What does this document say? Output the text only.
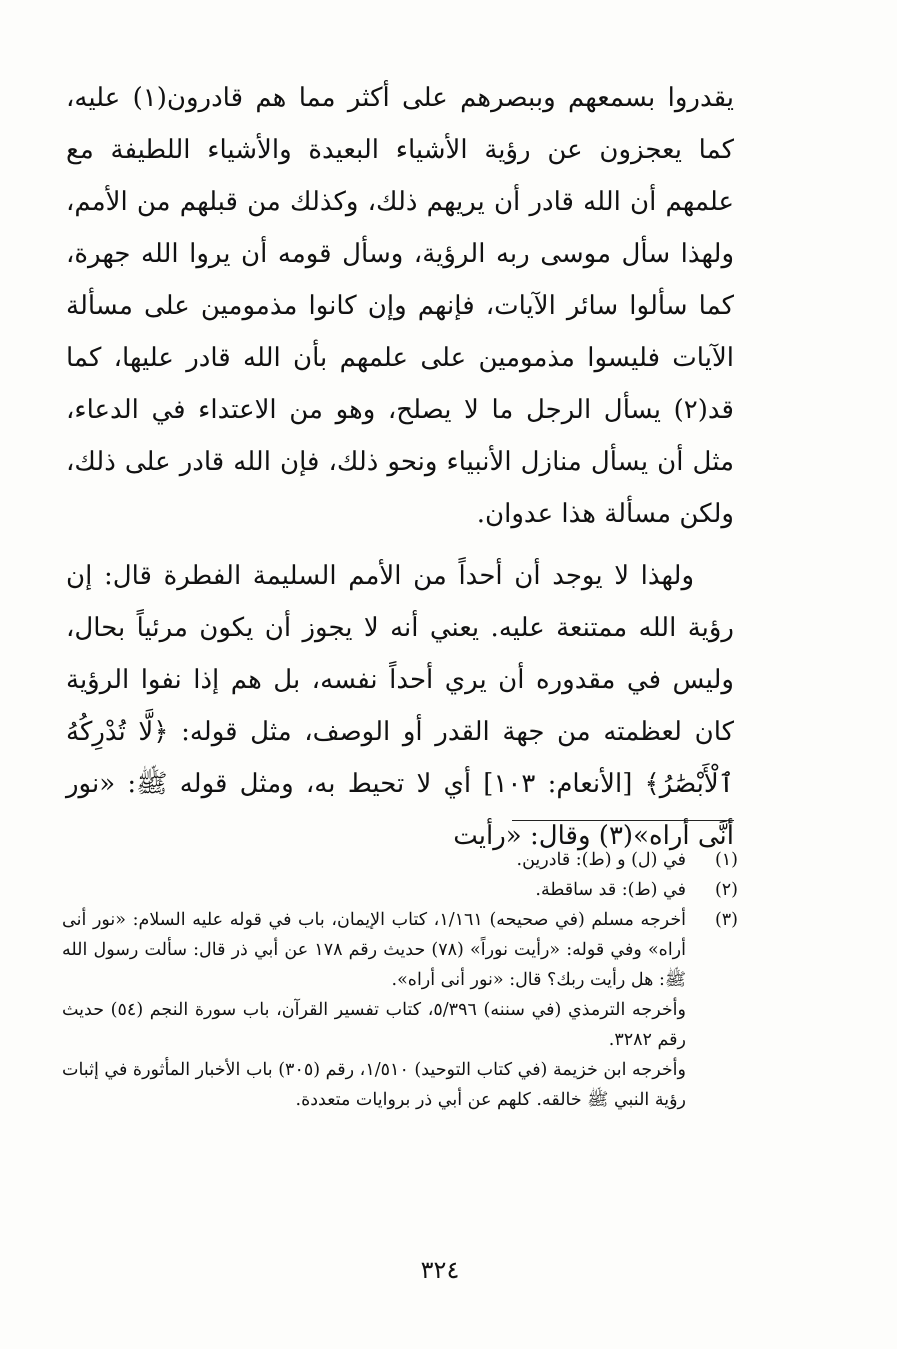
يقدروا بسمعهم وببصرهم على أكثر مما هم قادرون(١) عليه، كما يعجزون عن رؤية الأشياء البعيدة والأشياء اللطيفة مع علمهم أن الله قادر أن يريهم ذلك، وكذلك من قبلهم من الأمم، ولهذا سأل موسى ربه الرؤية، وسأل قومه أن يروا الله جهرة، كما سألوا سائر الآيات، فإنهم وإن كانوا مذمومين على مسألة الآيات فليسوا مذمومين على علمهم بأن الله قادر عليها، كما قد(٢) يسأل الرجل ما لا يصلح، وهو من الاعتداء في الدعاء، مثل أن يسأل منازل الأنبياء ونحو ذلك، فإن الله قادر على ذلك، ولكن مسألة هذا عدوان.

ولهذا لا يوجد أن أحداً من الأمم السليمة الفطرة قال: إن رؤية الله ممتنعة عليه. يعني أنه لا يجوز أن يكون مرئياً بحال، وليس في مقدوره أن يري أحداً نفسه، بل هم إذا نفوا الرؤية كان لعظمته من جهة القدر أو الوصف، مثل قوله: ﴿لَّا تُدْرِكُهُ ٱلْأَبْصَٰرُ﴾ [الأنعام: ١٠٣] أي لا تحيط به، ومثل قوله ﷺ: «نور أنَّى أراه»(٣) وقال: «رأيت

(١)
في (ل) و (ط): قادرين.
(٢)
في (ط): قد ساقطة.
(٣)
أخرجه مسلم (في صحيحه) ١/١٦١، كتاب الإيمان، باب في قوله عليه السلام: «نور أنى أراه» وفي قوله: «رأيت نوراً» (٧٨) حديث رقم ١٧٨ عن أبي ذر قال: سألت رسول الله ﷺ: هل رأيت ربك؟ قال: «نور أنى أراه».
وأخرجه الترمذي (في سننه) ٥/٣٩٦، كتاب تفسير القرآن، باب سورة النجم (٥٤) حديث رقم ٣٢٨٢.
وأخرجه ابن خزيمة (في كتاب التوحيد) ١/٥١٠، رقم (٣٠٥) باب الأخبار المأثورة في إثبات رؤية النبي ﷺ خالقه. كلهم عن أبي ذر بروايات متعددة.
٣٢٤
